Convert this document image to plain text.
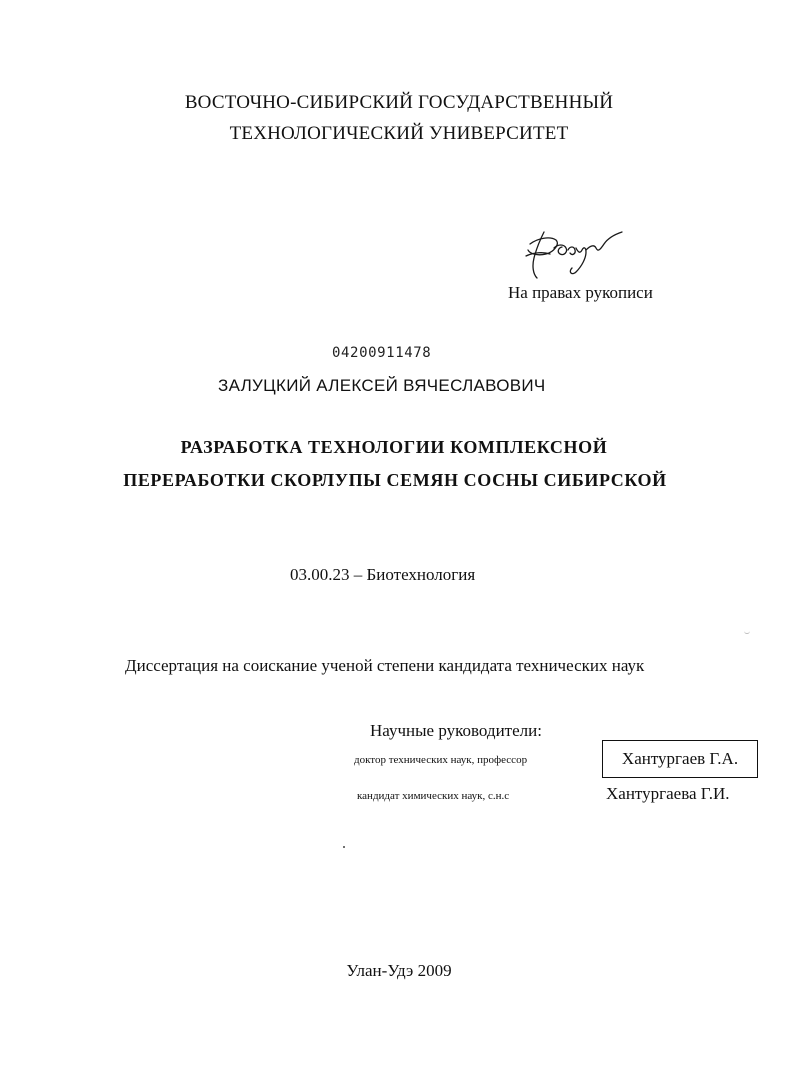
ВОСТОЧНО-СИБИРСКИЙ ГОСУДАРСТВЕННЫЙ
ТЕХНОЛОГИЧЕСКИЙ УНИВЕРСИТЕТ
На правах рукописи
04200911478
ЗАЛУЦКИЙ АЛЕКСЕЙ ВЯЧЕСЛАВОВИЧ
РАЗРАБОТКА ТЕХНОЛОГИИ КОМПЛЕКСНОЙ
ПЕРЕРАБОТКИ СКОРЛУПЫ СЕМЯН СОСНЫ СИБИРСКОЙ
03.00.23 – Биотехнология
Диссертация на соискание ученой степени кандидата технических наук
Научные руководители:
доктор технических наук, профессор	Хантургаев Г.А.
кандидат химических наук, с.н.с	Хантургаева Г.И.
Улан-Удэ 2009
